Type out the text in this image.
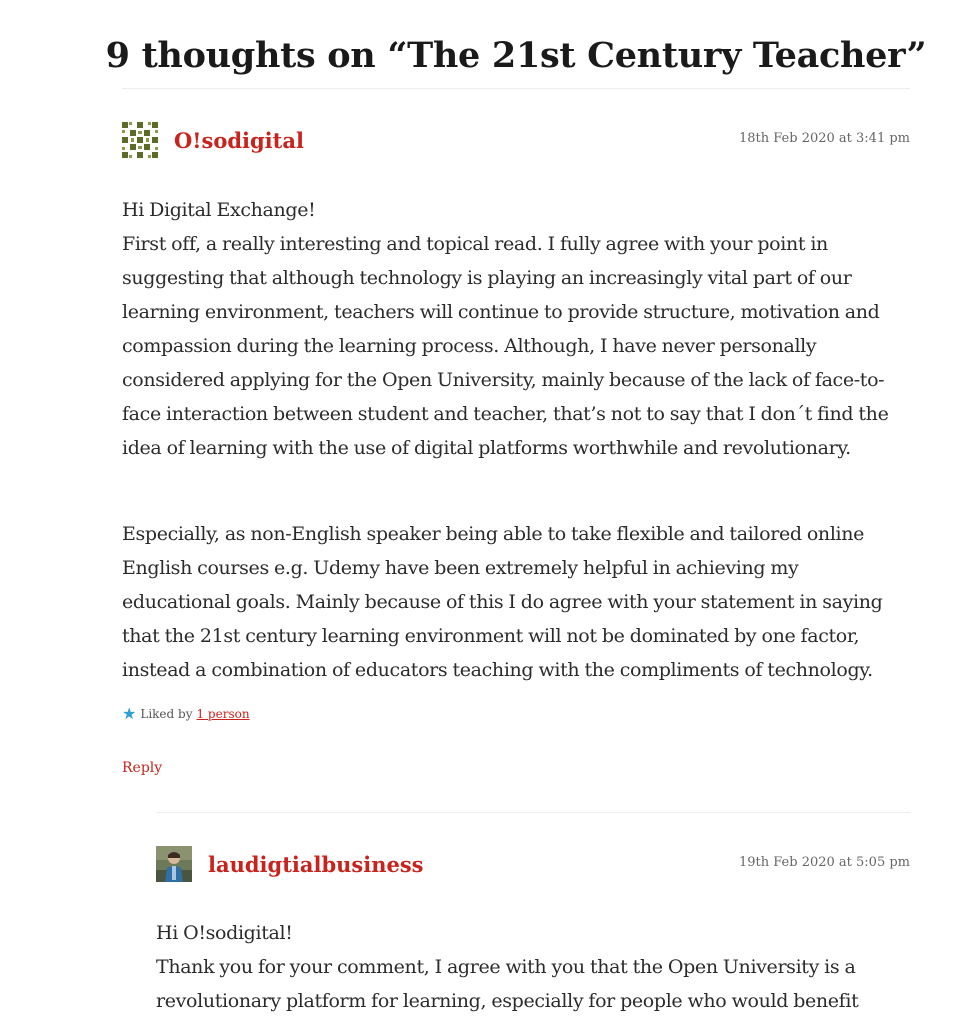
9 thoughts on “The 21st Century Teacher”
O!sodigital	18th Feb 2020 at 3:41 pm

Hi Digital Exchange!

First off, a really interesting and topical read. I fully agree with your point in suggesting that although technology is playing an increasingly vital part of our learning environment, teachers will continue to provide structure, motivation and compassion during the learning process. Although, I have never personally considered applying for the Open University, mainly because of the lack of face-to-face interaction between student and teacher, that’s not to say that I don´t find the idea of learning with the use of digital platforms worthwhile and revolutionary.

Especially, as non-English speaker being able to take flexible and tailored online English courses e.g. Udemy have been extremely helpful in achieving my educational goals. Mainly because of this I do agree with your statement in saying that the 21st century learning environment will not be dominated by one factor, instead a combination of educators teaching with the compliments of technology.

★ Liked by 1 person
Reply
laudigtialbusiness	19th Feb 2020 at 5:05 pm

Hi O!sodigital!

Thank you for your comment, I agree with you that the Open University is a revolutionary platform for learning, especially for people who would benefit
